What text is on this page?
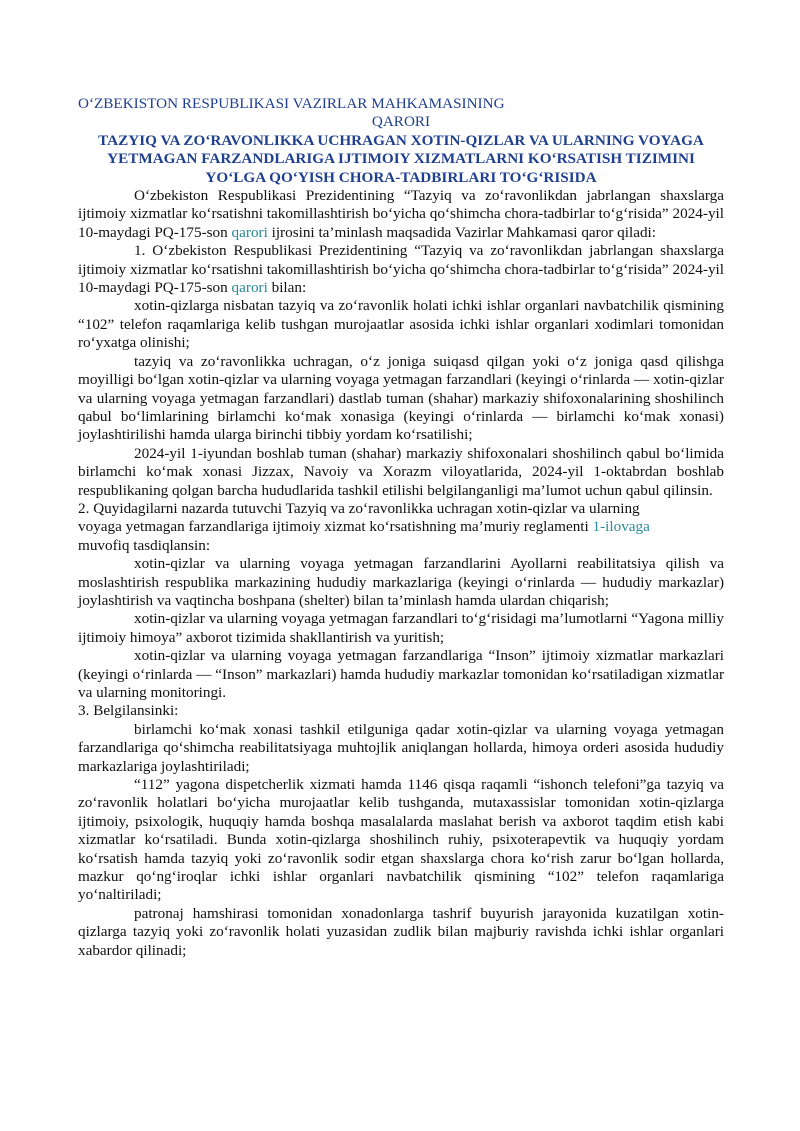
O‘ZBEKISTON RESPUBLIKASI VAZIRLAR MAHKAMASINING
QARORI
TAZYIQ VA ZO‘RAVONLIKKA UCHRAGAN XOTIN-QIZLAR VA ULARNING VOYAGA YETMAGAN FARZANDLARIGA IJTIMOIY XIZMATLARNI KO‘RSATISH TIZIMINI YO‘LGA QO‘YISH CHORA-TADBIRLARI TO‘G‘RISIDA

O‘zbekiston Respublikasi Prezidentining “Tazyiq va zo‘ravonlikdan jabrlangan shaxslarga ijtimoiy xizmatlar ko‘rsatishni takomillashtirish bo‘yicha qo‘shimcha chora-tadbirlar to‘g‘risida” 2024-yil 10-maydagi PQ-175-son qarori ijrosini ta’minlash maqsadida Vazirlar Mahkamasi qaror qiladi:

1. O‘zbekiston Respublikasi Prezidentining “Tazyiq va zo‘ravonlikdan jabrlangan shaxslarga ijtimoiy xizmatlar ko‘rsatishni takomillashtirish bo‘yicha qo‘shimcha chora-tadbirlar to‘g‘risida” 2024-yil 10-maydagi PQ-175-son qarori bilan:

xotin-qizlarga nisbatan tazyiq va zo‘ravonlik holati ichki ishlar organlari navbatchilik qismining “102” telefon raqamlariga kelib tushgan murojaatlar asosida ichki ishlar organlari xodimlari tomonidan ro‘yxatga olinishi;

tazyiq va zo‘ravonlikka uchragan, o‘z joniga suiqasd qilgan yoki o‘z joniga qasd qilishga moyilligi bo‘lgan xotin-qizlar va ularning voyaga yetmagan farzandlari (keyingi o‘rinlarda — xotin-qizlar va ularning voyaga yetmagan farzandlari) dastlab tuman (shahar) markaziy shifoxonalarining shoshilinch qabul bo‘limlarining birlamchi ko‘mak xonasiga (keyingi o‘rinlarda — birlamchi ko‘mak xonasi) joylashtirilishi hamda ularga birinchi tibbiy yordam ko‘rsatilishi;

2024-yil 1-iyundan boshlab tuman (shahar) markaziy shifoxonalari shoshilinch qabul bo‘limida birlamchi ko‘mak xonasi Jizzax, Navoiy va Xorazm viloyatlarida, 2024-yil 1-oktabrdan boshlab respublikaning qolgan barcha hududlarida tashkil etilishi belgilanganligi ma’lumot uchun qabul qilinsin.

2. Quyidagilarni nazarda tutuvchi Tazyiq va zo‘ravonlikka uchragan xotin-qizlar va ularning

voyaga yetmagan farzandlariga ijtimoiy xizmat ko‘rsatishning ma’muriy reglamenti 1-ilovaga

muvofiq tasdiqlansin:

xotin-qizlar va ularning voyaga yetmagan farzandlarini Ayollarni reabilitatsiya qilish va moslashtirish respublika markazining hududiy markazlariga (keyingi o‘rinlarda — hududiy markazlar) joylashtirish va vaqtincha boshpana (shelter) bilan ta’minlash hamda ulardan chiqarish;

xotin-qizlar va ularning voyaga yetmagan farzandlari to‘g‘risidagi ma’lumotlarni “Yagona milliy ijtimoiy himoya” axborot tizimida shakllantirish va yuritish;

xotin-qizlar va ularning voyaga yetmagan farzandlariga “Inson” ijtimoiy xizmatlar markazlari (keyingi o‘rinlarda — “Inson” markazlari) hamda hududiy markazlar tomonidan ko‘rsatiladigan xizmatlar va ularning monitoringi.

3. Belgilansinki:

birlamchi ko‘mak xonasi tashkil etilguniga qadar xotin-qizlar va ularning voyaga yetmagan farzandlariga qo‘shimcha reabilitatsiyaga muhtojlik aniqlangan hollarda, himoya orderi asosida hududiy markazlariga joylashtiriladi;

“112” yagona dispetcherlik xizmati hamda 1146 qisqa raqamli “ishonch telefoni”ga tazyiq va zo‘ravonlik holatlari bo‘yicha murojaatlar kelib tushganda, mutaxassislar tomonidan xotin-qizlarga ijtimoiy, psixologik, huquqiy hamda boshqa masalalarda maslahat berish va axborot taqdim etish kabi xizmatlar ko‘rsatiladi. Bunda xotin-qizlarga shoshilinch ruhiy, psixoterapevtik va huquqiy yordam ko‘rsatish hamda tazyiq yoki zo‘ravonlik sodir etgan shaxslarga chora ko‘rish zarur bo‘lgan hollarda, mazkur qo‘ng‘iroqlar ichki ishlar organlari navbatchilik qismining “102” telefon raqamlariga yo‘naltiriladi;

patronaj hamshirasi tomonidan xonadonlarga tashrif buyurish jarayonida kuzatilgan xotin-qizlarga tazyiq yoki zo‘ravonlik holati yuzasidan zudlik bilan majburiy ravishda ichki ishlar organlari xabardor qilinadi;
